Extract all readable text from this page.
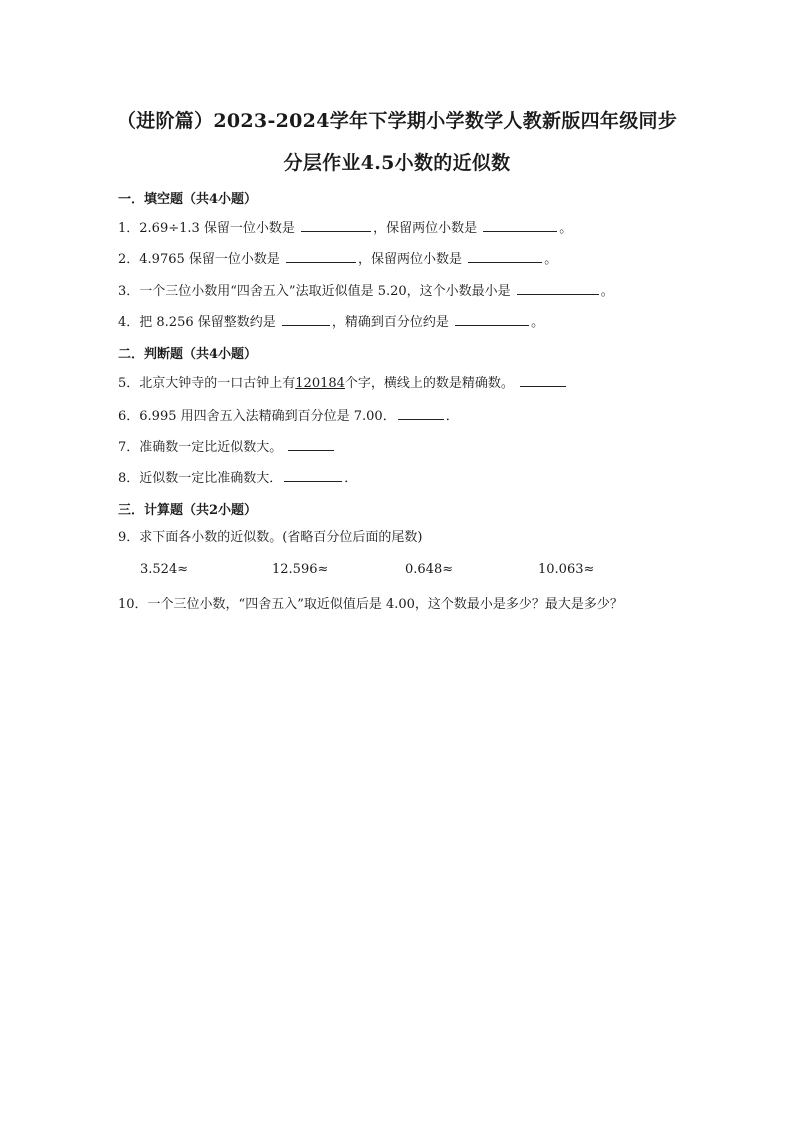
（进阶篇）2023-2024学年下学期小学数学人教新版四年级同步
分层作业4.5小数的近似数
一．填空题（共4小题）
1．2.69÷1.3 保留一位小数是	，保留两位小数是	。
2．4.9765 保留一位小数是	，保留两位小数是	。
3．一个三位小数用“四舍五入”法取近似值是 5.20，这个小数最小是	。
4．把 8.256 保留整数约是	，精确到百分位约是	。
二．判断题（共4小题）
5．北京大钟寺的一口古钟上有120184个字，横线上的数是精确数。
6．6.995 用四舍五入法精确到百分位是 7.00．	．
7．准确数一定比近似数大。
8．近似数一定比准确数大．	．
三．计算题（共2小题）
9．求下面各小数的近似数。(省略百分位后面的尾数)
3.524≈	12.596≈	0.648≈	10.063≈
10．一个三位小数，“四舍五入”取近似值后是 4.00，这个数最小是多少？最大是多少？
